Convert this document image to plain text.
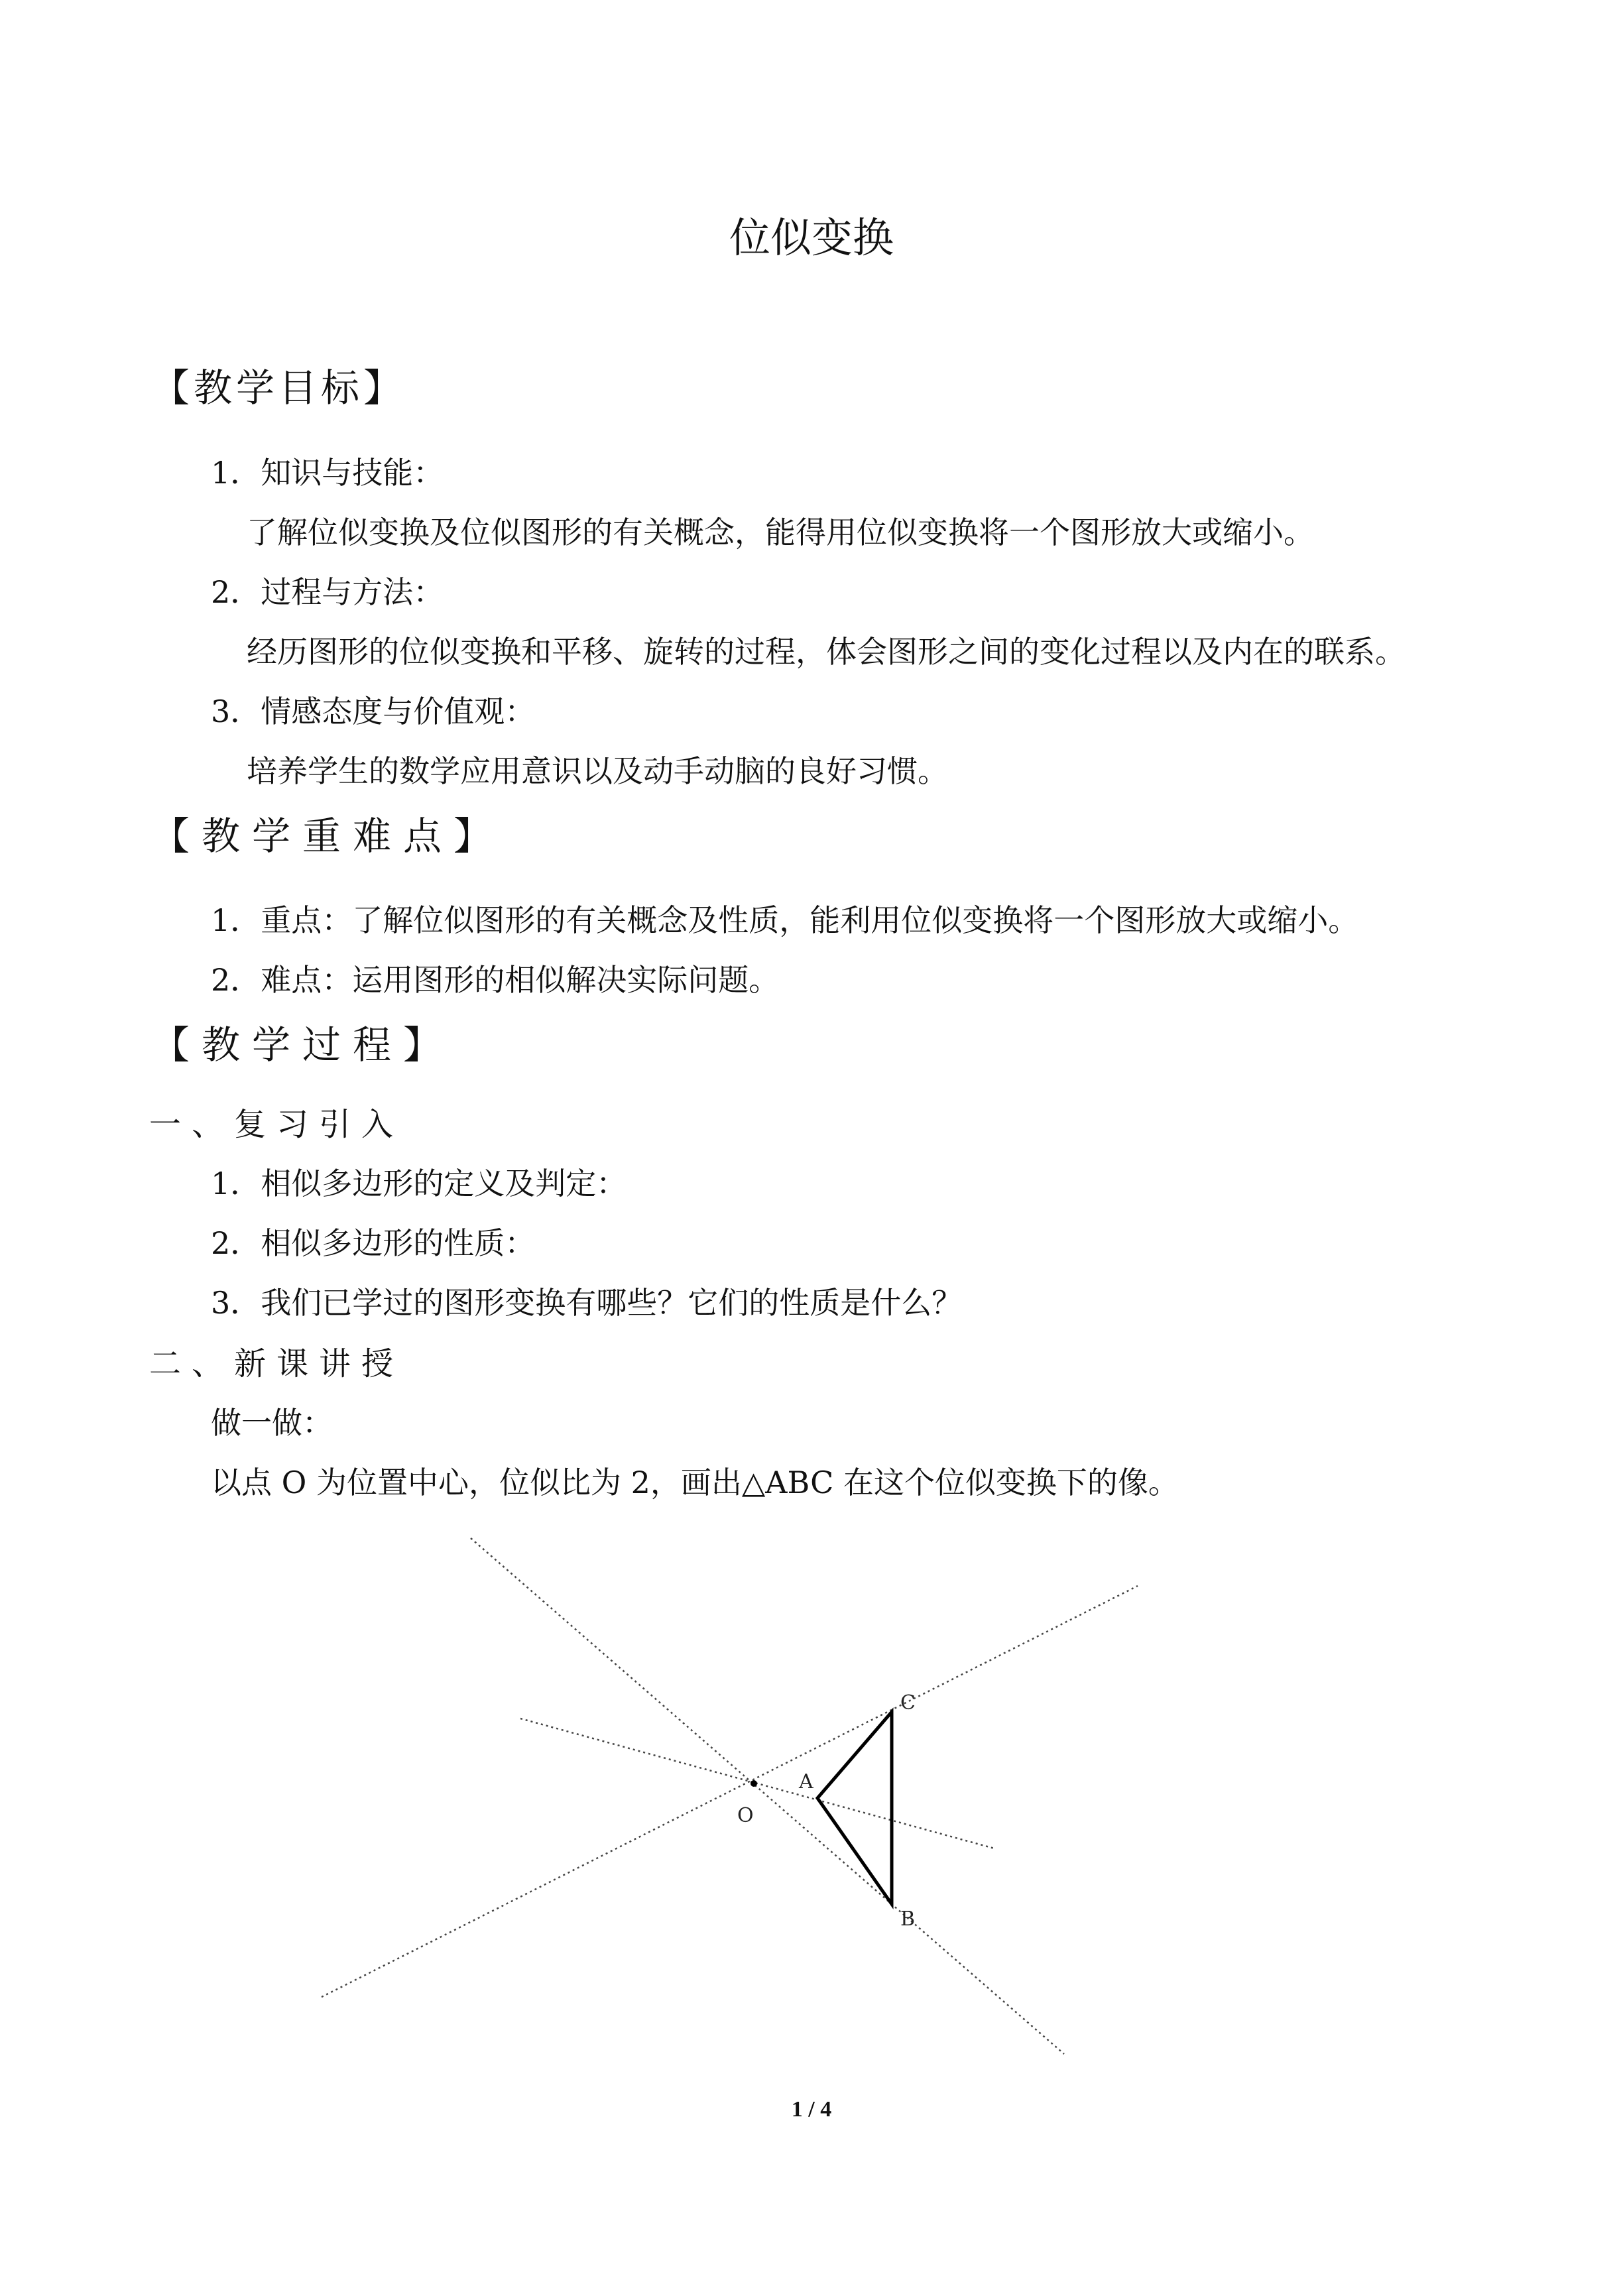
位似变换
【教学目标】
1．知识与技能：
了解位似变换及位似图形的有关概念，能得用位似变换将一个图形放大或缩小。
2．过程与方法：
经历图形的位似变换和平移、旋转的过程，体会图形之间的变化过程以及内在的联系。
3．情感态度与价值观：
培养学生的数学应用意识以及动手动脑的良好习惯。
【教学重难点】
1．重点：了解位似图形的有关概念及性质，能利用位似变换将一个图形放大或缩小。
2．难点：运用图形的相似解决实际问题。
【教学过程】
一、复习引入
1．相似多边形的定义及判定：
2．相似多边形的性质：
3．我们已学过的图形变换有哪些？它们的性质是什么？
二、新课讲授
做一做：
以点 O 为位置中心，位似比为 2，画出△ABC 在这个位似变换下的像。
O
A
B
C
1 / 4
